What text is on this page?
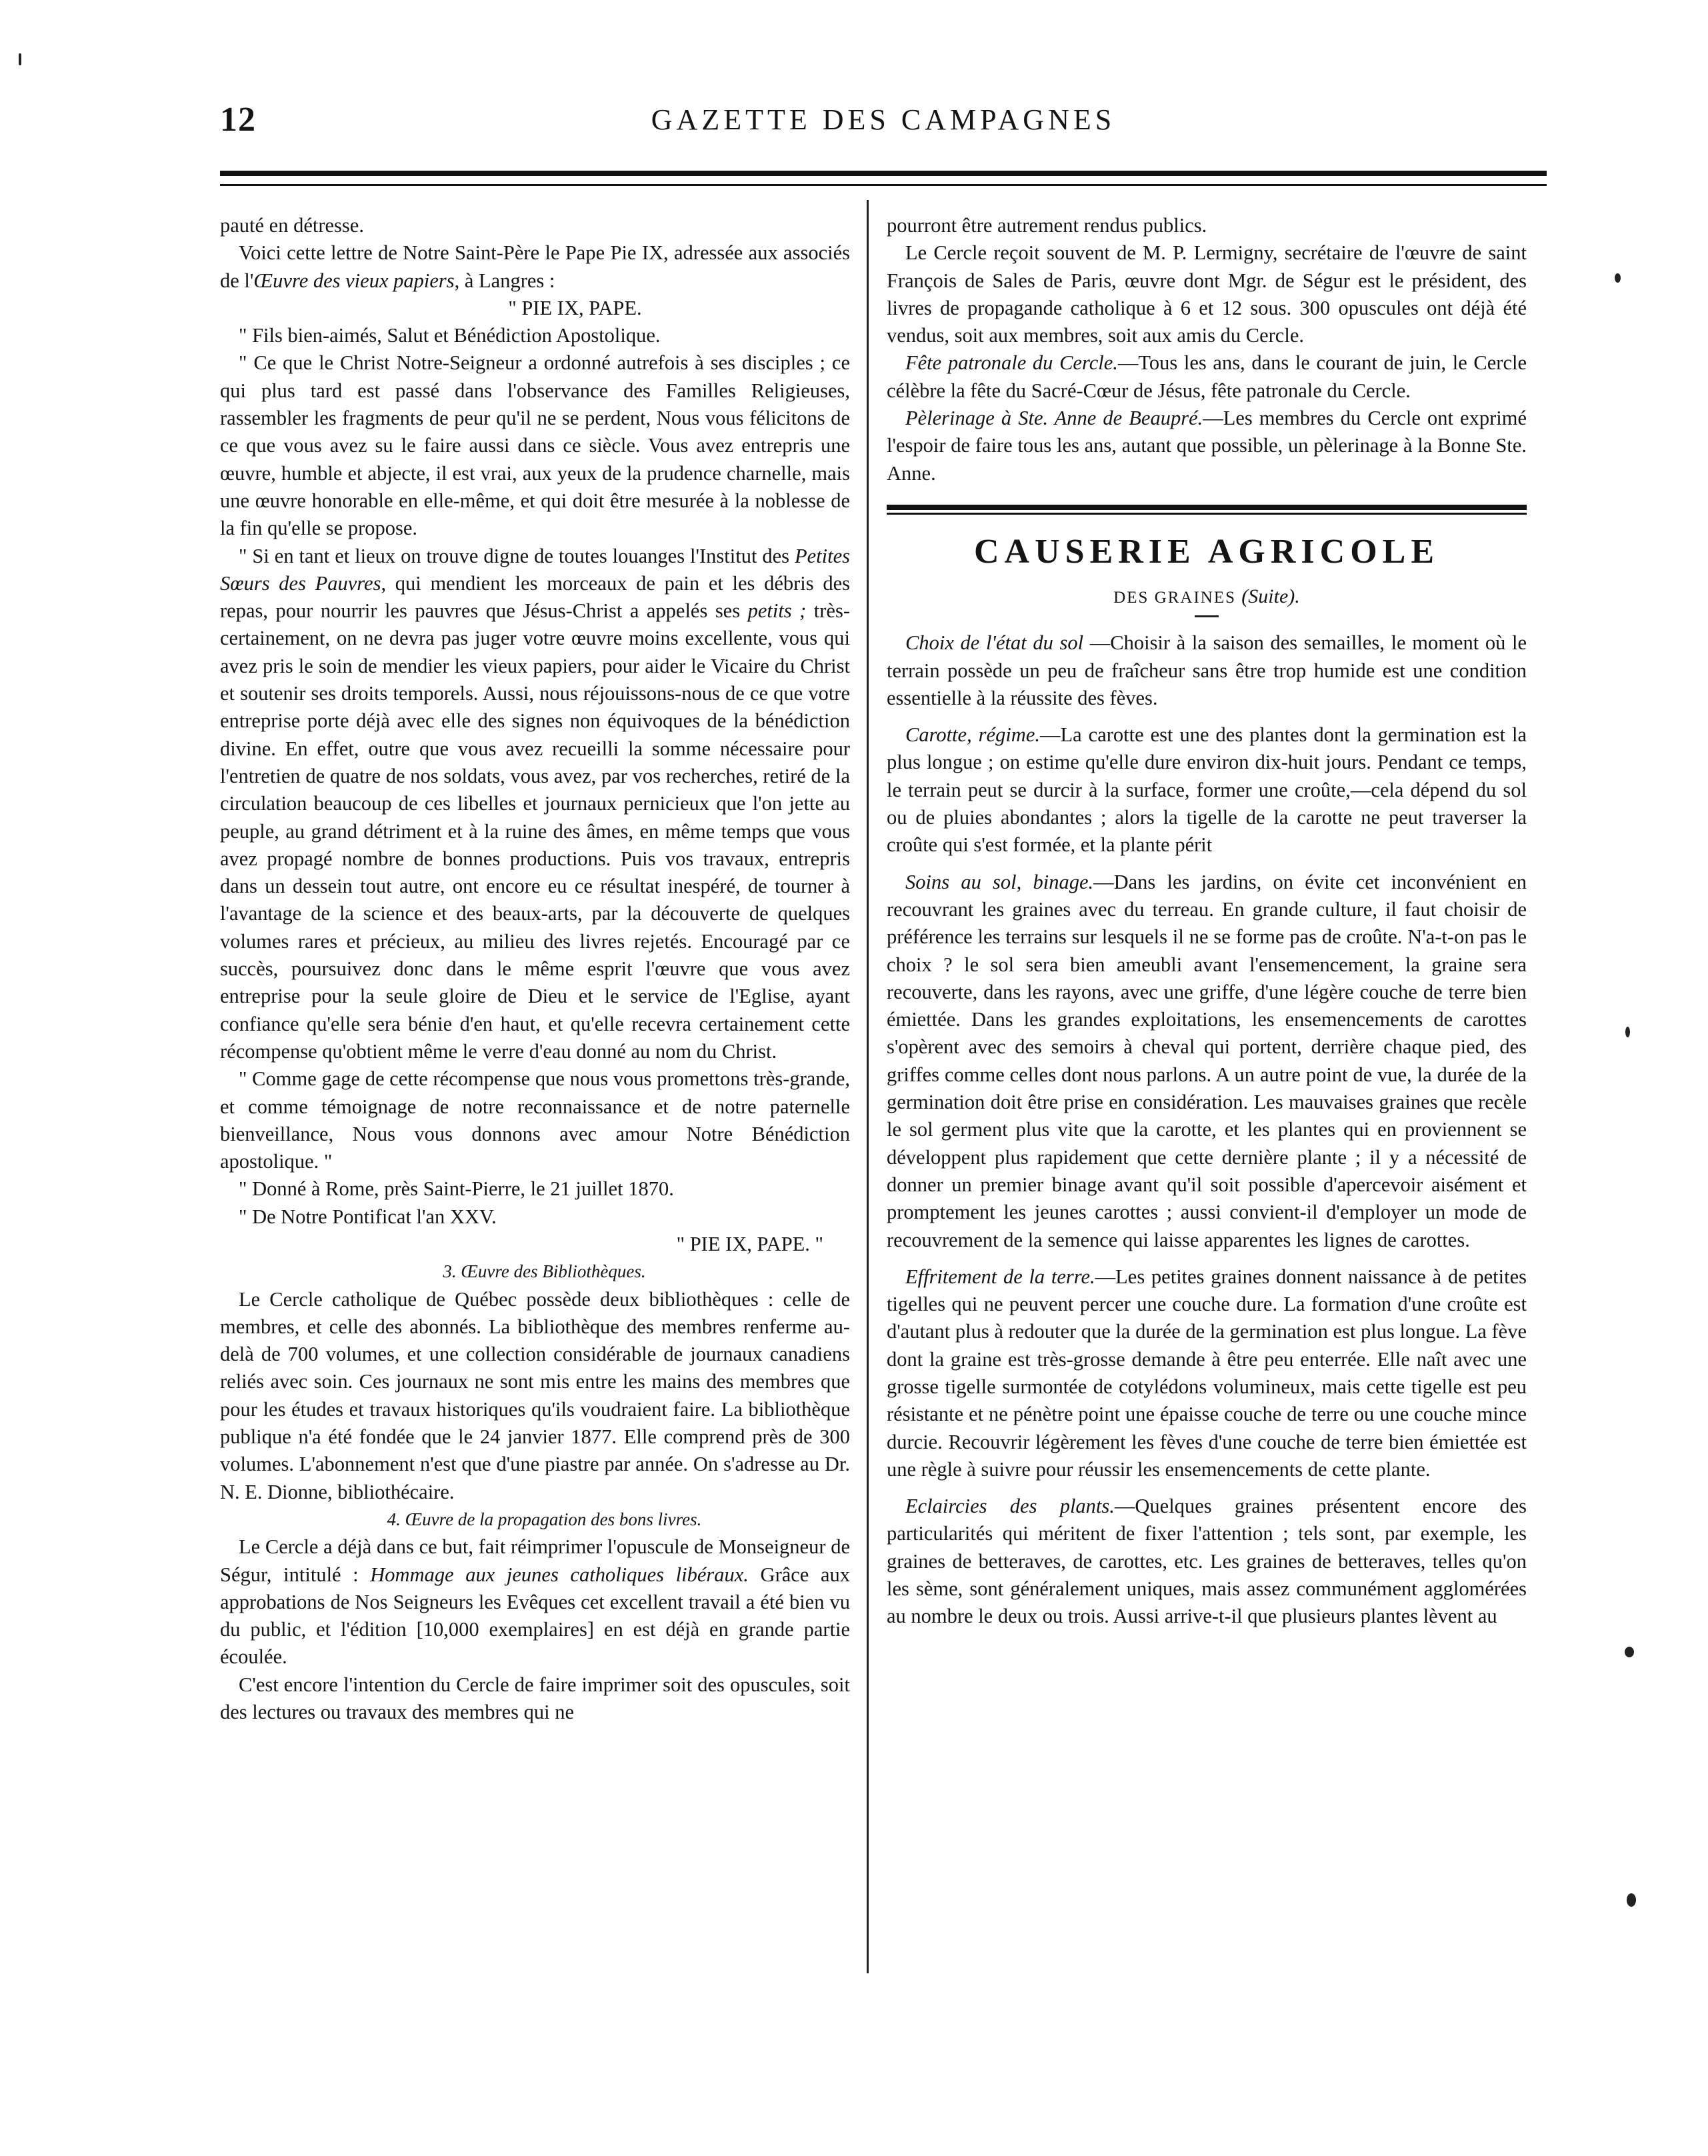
12	GAZETTE DES CAMPAGNES

pauté en détresse.

Voici cette lettre de Notre Saint-Père le Pape Pie IX, adressée aux associés de l'Œuvre des vieux papiers, à Langres :

" PIE IX, PAPE.

" Fils bien-aimés, Salut et Bénédiction Apostolique.

" Ce que le Christ Notre-Seigneur a ordonné autrefois à ses disciples ; ce qui plus tard est passé dans l'observance des Familles Religieuses, rassembler les fragments de peur qu'il ne se perdent, Nous vous félicitons de ce que vous avez su le faire aussi dans ce siècle. Vous avez entrepris une œuvre, humble et abjecte, il est vrai, aux yeux de la prudence charnelle, mais une œuvre honorable en elle-même, et qui doit être mesurée à la noblesse de la fin qu'elle se propose.

" Si en tant et lieux on trouve digne de toutes louanges l'Institut des Petites Sœurs des Pauvres, qui mendient les morceaux de pain et les débris des repas, pour nourrir les pauvres que Jésus-Christ a appelés ses petits ; très-certainement, on ne devra pas juger votre œuvre moins excellente, vous qui avez pris le soin de mendier les vieux papiers, pour aider le Vicaire du Christ et soutenir ses droits temporels. Aussi, nous réjouissons-nous de ce que votre entreprise porte déjà avec elle des signes non équivoques de la bénédiction divine. En effet, outre que vous avez recueilli la somme nécessaire pour l'entretien de quatre de nos soldats, vous avez, par vos recherches, retiré de la circulation beaucoup de ces libelles et journaux pernicieux que l'on jette au peuple, au grand détriment et à la ruine des âmes, en même temps que vous avez propagé nombre de bonnes productions. Puis vos travaux, entrepris dans un dessein tout autre, ont encore eu ce résultat inespéré, de tourner à l'avantage de la science et des beaux-arts, par la découverte de quelques volumes rares et précieux, au milieu des livres rejetés. Encouragé par ce succès, poursuivez donc dans le même esprit l'œuvre que vous avez entreprise pour la seule gloire de Dieu et le service de l'Eglise, ayant confiance qu'elle sera bénie d'en haut, et qu'elle recevra certainement cette récompense qu'obtient même le verre d'eau donné au nom du Christ.

" Comme gage de cette récompense que nous vous promettons très-grande, et comme témoignage de notre reconnaissance et de notre paternelle bienveillance, Nous vous donnons avec amour Notre Bénédiction apostolique. "

" Donné à Rome, près Saint-Pierre, le 21 juillet 1870.

" De Notre Pontificat l'an XXV.

" PIE IX, PAPE. "

3. Œuvre des Bibliothèques.

Le Cercle catholique de Québec possède deux bibliothèques : celle de membres, et celle des abonnés. La bibliothèque des membres renferme au-delà de 700 volumes, et une collection considérable de journaux canadiens reliés avec soin. Ces journaux ne sont mis entre les mains des membres que pour les études et travaux historiques qu'ils voudraient faire. La bibliothèque publique n'a été fondée que le 24 janvier 1877. Elle comprend près de 300 volumes. L'abonnement n'est que d'une piastre par année. On s'adresse au Dr. N. E. Dionne, bibliothécaire.

4. Œuvre de la propagation des bons livres.

Le Cercle a déjà dans ce but, fait réimprimer l'opuscule de Monseigneur de Ségur, intitulé : Hommage aux jeunes catholiques libéraux. Grâce aux approbations de Nos Seigneurs les Evêques cet excellent travail a été bien vu du public, et l'édition [10,000 exemplaires] en est déjà en grande partie écoulée.

C'est encore l'intention du Cercle de faire imprimer soit des opuscules, soit des lectures ou travaux des membres qui ne

pourront être autrement rendus publics.

Le Cercle reçoit souvent de M. P. Lermigny, secrétaire de l'œuvre de saint François de Sales de Paris, œuvre dont Mgr. de Ségur est le président, des livres de propagande catholique à 6 et 12 sous. 300 opuscules ont déjà été vendus, soit aux membres, soit aux amis du Cercle.

Fête patronale du Cercle.—Tous les ans, dans le courant de juin, le Cercle célèbre la fête du Sacré-Cœur de Jésus, fête patronale du Cercle.

Pèlerinage à Ste. Anne de Beaupré.—Les membres du Cercle ont exprimé l'espoir de faire tous les ans, autant que possible, un pèlerinage à la Bonne Ste. Anne.

CAUSERIE AGRICOLE
DES GRAINES (Suite).

Choix de l'état du sol —Choisir à la saison des semailles, le moment où le terrain possède un peu de fraîcheur sans être trop humide est une condition essentielle à la réussite des fèves.

Carotte, régime.—La carotte est une des plantes dont la germination est la plus longue ; on estime qu'elle dure environ dix-huit jours. Pendant ce temps, le terrain peut se durcir à la surface, former une croûte,—cela dépend du sol ou de pluies abondantes ; alors la tigelle de la carotte ne peut traverser la croûte qui s'est formée, et la plante périt

Soins au sol, binage.—Dans les jardins, on évite cet inconvénient en recouvrant les graines avec du terreau. En grande culture, il faut choisir de préférence les terrains sur lesquels il ne se forme pas de croûte. N'a-t-on pas le choix ? le sol sera bien ameubli avant l'ensemencement, la graine sera recouverte, dans les rayons, avec une griffe, d'une légère couche de terre bien émiettée. Dans les grandes exploitations, les ensemencements de carottes s'opèrent avec des semoirs à cheval qui portent, derrière chaque pied, des griffes comme celles dont nous parlons. A un autre point de vue, la durée de la germination doit être prise en considération. Les mauvaises graines que recèle le sol germent plus vite que la carotte, et les plantes qui en proviennent se développent plus rapidement que cette dernière plante ; il y a nécessité de donner un premier binage avant qu'il soit possible d'apercevoir aisément et promptement les jeunes carottes ; aussi convient-il d'employer un mode de recouvrement de la semence qui laisse apparentes les lignes de carottes.

Effritement de la terre.—Les petites graines donnent naissance à de petites tigelles qui ne peuvent percer une couche dure. La formation d'une croûte est d'autant plus à redouter que la durée de la germination est plus longue. La fève dont la graine est très-grosse demande à être peu enterrée. Elle naît avec une grosse tigelle surmontée de cotylédons volumineux, mais cette tigelle est peu résistante et ne pénètre point une épaisse couche de terre ou une couche mince durcie. Recouvrir légèrement les fèves d'une couche de terre bien émiettée est une règle à suivre pour réussir les ensemencements de cette plante.

Eclaircies des plants.—Quelques graines présentent encore des particularités qui méritent de fixer l'attention ; tels sont, par exemple, les graines de betteraves, de carottes, etc. Les graines de betteraves, telles qu'on les sème, sont généralement uniques, mais assez communément agglomérées au nombre le deux ou trois. Aussi arrive-t-il que plusieurs plantes lèvent au
